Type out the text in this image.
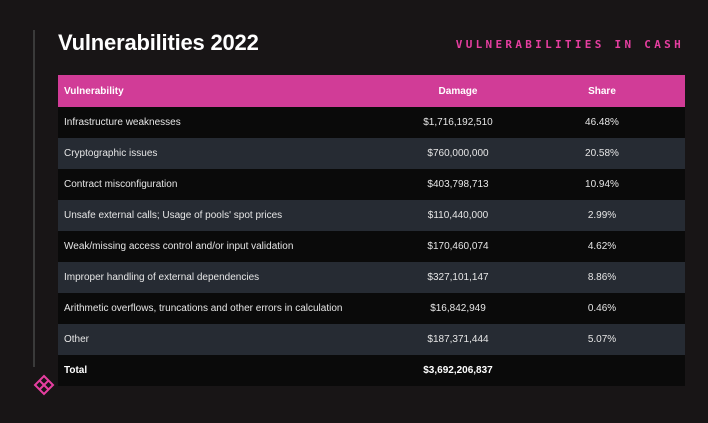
Vulnerabilities 2022	VULNERABILITIES IN CASH
Vulnerability	Damage	Share
Infrastructure weaknesses	$1,716,192,510	46.48%
Cryptographic issues	$760,000,000	20.58%
Contract misconfiguration	$403,798,713	10.94%
Unsafe external calls; Usage of pools' spot prices	$110,440,000	2.99%
Weak/missing access control and/or input validation	$170,460,074	4.62%
Improper handling of external dependencies	$327,101,147	8.86%
Arithmetic overflows, truncations and other errors in calculation	$16,842,949	0.46%
Other	$187,371,444	5.07%
Total	$3,692,206,837
